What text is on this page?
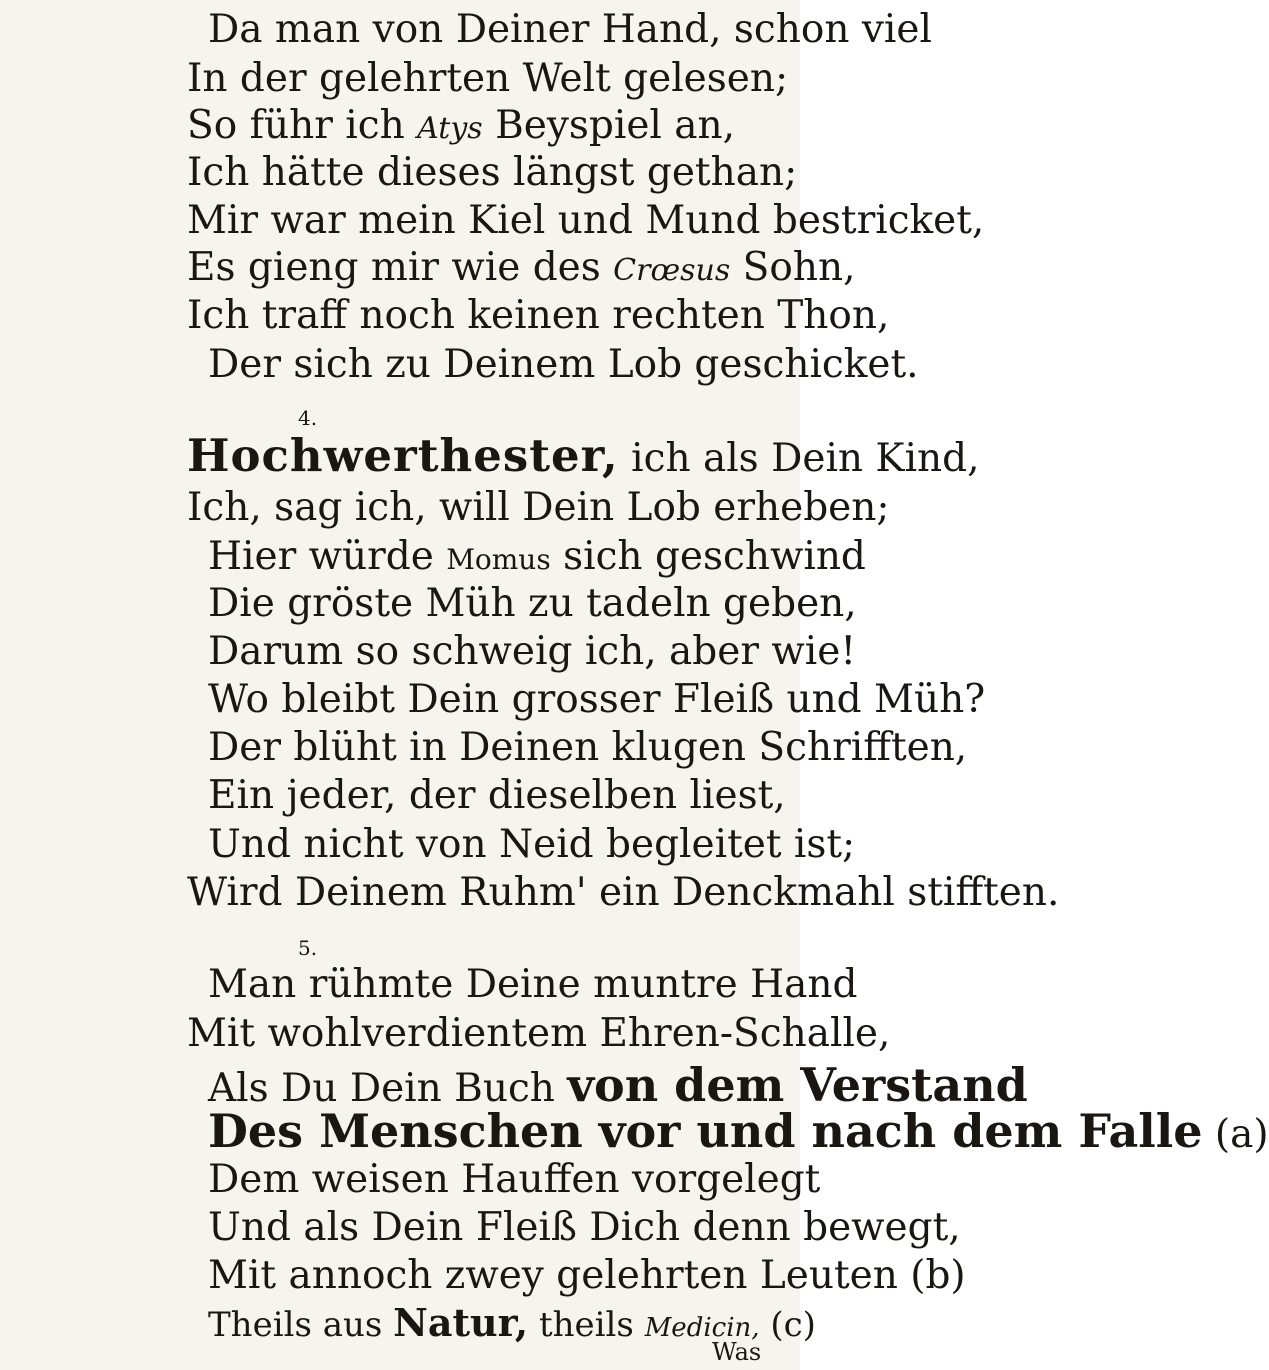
Da man von Deiner Hand, schon viel
In der gelehrten Welt gelesen;
So führ ich Atys Beyspiel an,
Ich hätte dieses längst gethan;
Mir war mein Kiel und Mund bestricket,
Es gieng mir wie des Crœsus Sohn,
Ich traff noch keinen rechten Thon,
Der sich zu Deinem Lob geschicket.
4.
Hochwerthester, ich als Dein Kind,
Ich, sag ich, will Dein Lob erheben;
Hier würde Momus sich geschwind
Die gröste Müh zu tadeln geben,
Darum so schweig ich, aber wie!
Wo bleibt Dein grosser Fleiß und Müh?
Der blüht in Deinen klugen Schrifften,
Ein jeder, der dieselben liest,
Und nicht von Neid begleitet ist;
Wird Deinem Ruhm' ein Denckmahl stifften.
5.
Man rühmte Deine muntre Hand
Mit wohlverdientem Ehren-Schalle,
Als Du Dein Buch von dem Verstand
Des Menschen vor und nach dem Falle (a)
Dem weisen Hauffen vorgelegt
Und als Dein Fleiß Dich denn bewegt,
Mit annoch zwey gelehrten Leuten (b)
Theils aus Natur, theils Medicin, (c)
Was
